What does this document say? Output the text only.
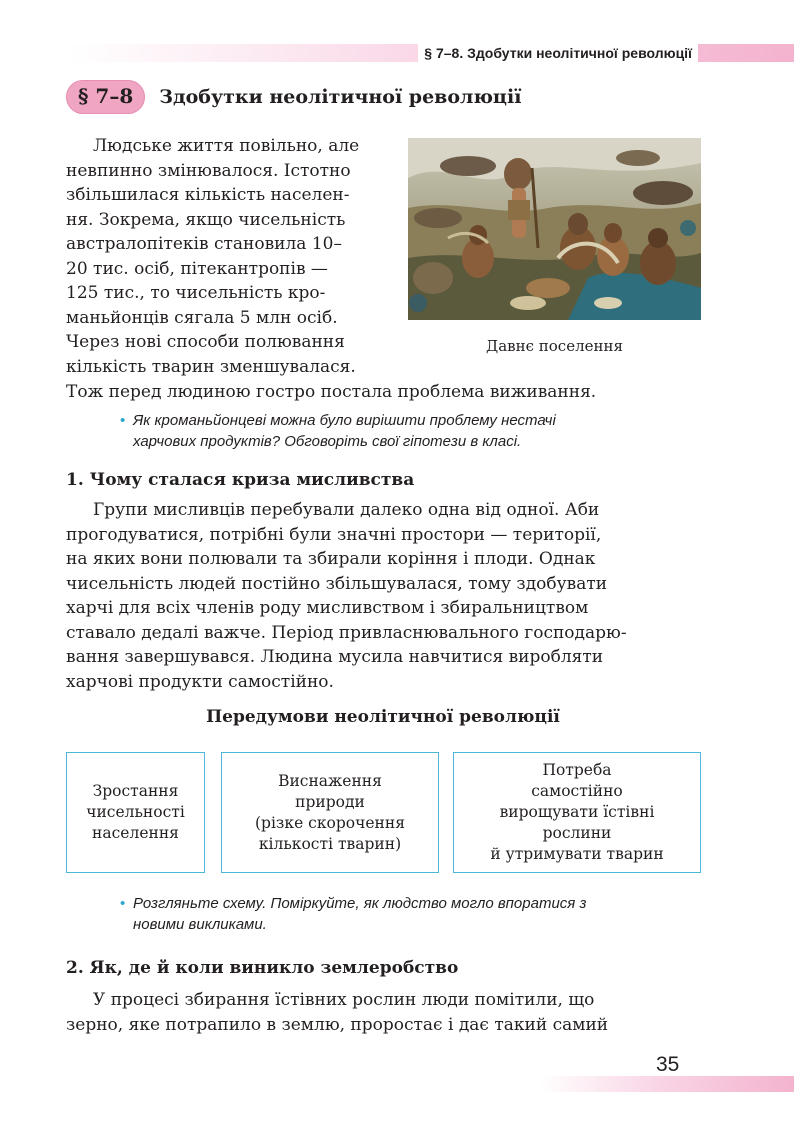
§ 7–8. Здобутки неолітичної революції
§ 7–8	Здобутки неолітичної революції
Людське життя повільно, але
невпинно змінювалося. Істотно
збільшилася кількість населен-
ня. Зокрема, якщо чисельність
австралопітеків становила 10–
20 тис. осіб, пітекантропів —
125 тис., то чисельність кро-
маньйонців сягала 5 млн осіб.
Через нові способи полювання
кількість тварин зменшувалася.
Давнє поселення
Тож перед людиною гостро постала проблема виживання.
• Як кроманьйонцеві можна було вирішити проблему нестачі
харчових продуктів? Обговоріть свої гіпотези в класі.
1. Чому сталася криза мисливства
Групи мисливців перебували далеко одна від одної. Аби
прогодуватися, потрібні були значні простори — території,
на яких вони полювали та збирали коріння і плоди. Однак
чисельність людей постійно збільшувалася, тому здобувати
харчі для всіх членів роду мисливством і збиральництвом
ставало дедалі важче. Період привласнювального господарю-
вання завершувався. Людина мусила навчитися виробляти
харчові продукти самостійно.
Передумови неолітичної революції
Зростання
чисельності
населення
Виснаження
природи
(різке скорочення
кількості тварин)
Потреба
самостійно
вирощувати їстівні
рослини
й утримувати тварин
• Розгляньте схему. Поміркуйте, як людство могло впоратися з
новими викликами.
2. Як, де й коли виникло землеробство
У процесі збирання їстівних рослин люди помітили, що
зерно, яке потрапило в землю, проростає і дає такий самий
35
